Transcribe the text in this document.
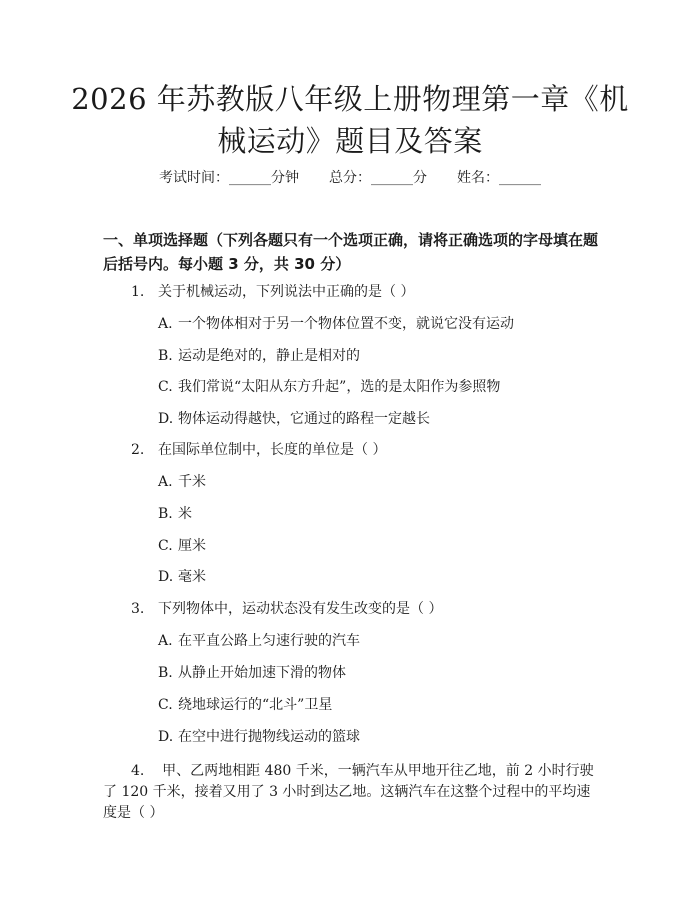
2026 年苏教版八年级上册物理第一章《机械运动》题目及答案
考试时间：______分钟 总分：______分 姓名：______
一、单项选择题（下列各题只有一个选项正确，请将正确选项的字母填在题后括号内。每小题 3 分，共 30 分）
1. 关于机械运动，下列说法中正确的是（ ）
A. 一个物体相对于另一个物体位置不变，就说它没有运动
B. 运动是绝对的，静止是相对的
C. 我们常说“太阳从东方升起”，选的是太阳作为参照物
D. 物体运动得越快，它通过的路程一定越长
2. 在国际单位制中，长度的单位是（ ）
A. 千米
B. 米
C. 厘米
D. 毫米
3. 下列物体中，运动状态没有发生改变的是（ ）
A. 在平直公路上匀速行驶的汽车
B. 从静止开始加速下滑的物体
C. 绕地球运行的“北斗”卫星
D. 在空中进行抛物线运动的篮球
4. 甲、乙两地相距 480 千米，一辆汽车从甲地开往乙地，前 2 小时行驶了 120 千米，接着又用了 3 小时到达乙地。这辆汽车在这整个过程中的平均速度是（ ）
